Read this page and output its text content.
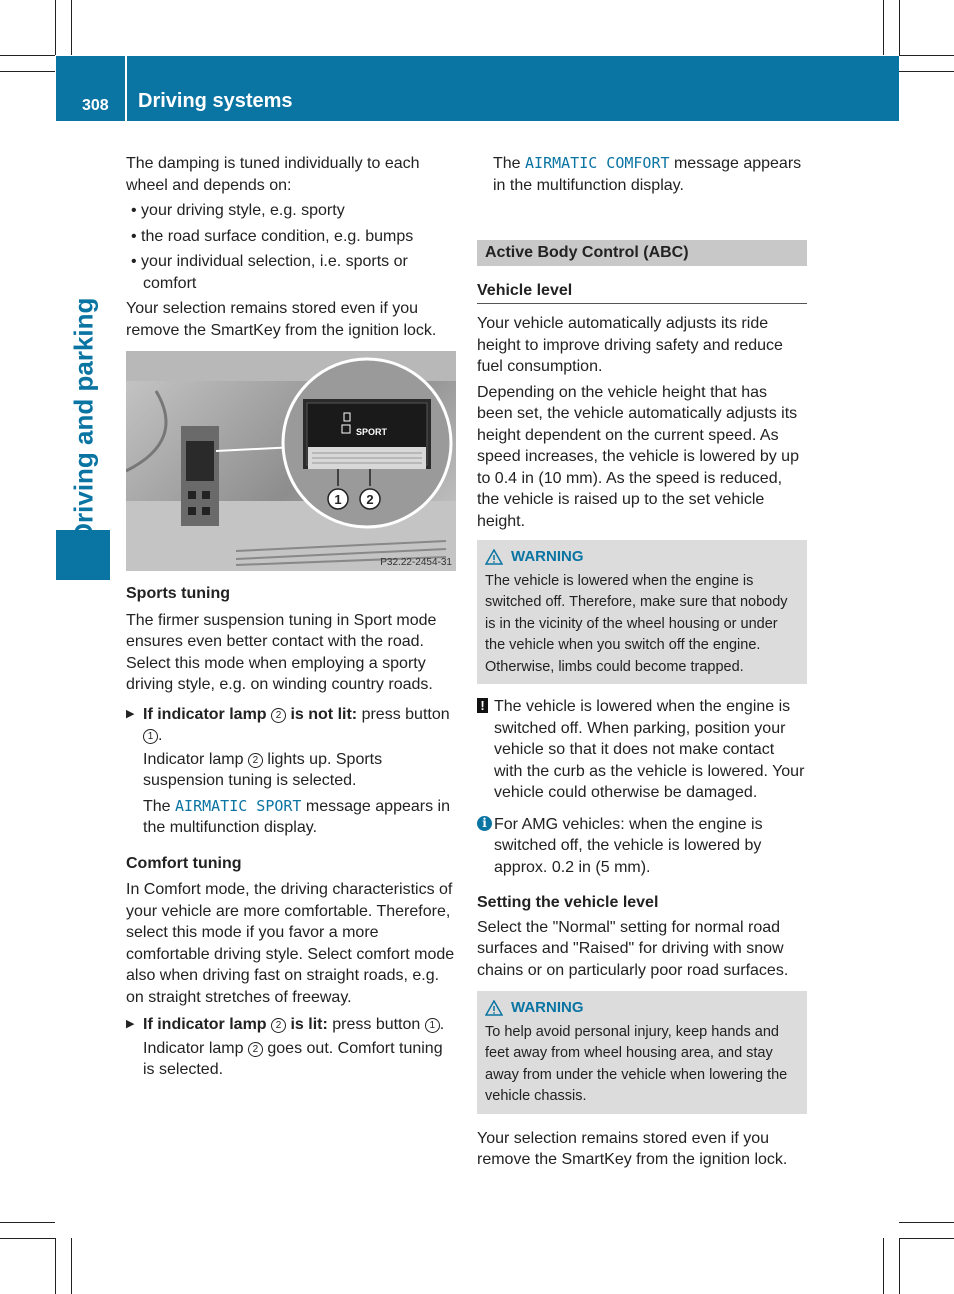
308 Driving systems
Driving and parking

The damping is tuned individually to each wheel and depends on:

• your driving style, e.g. sporty
• the road surface condition, e.g. bumps
• your individual selection, i.e. sports or comfort

Your selection remains stored even if you remove the SmartKey from the ignition lock.

SPORT
1 2
P32.22-2454-31
Sports tuning

The firmer suspension tuning in Sport mode ensures even better contact with the road. Select this mode when employing a sporty driving style, e.g. on winding country roads.

▶ If indicator lamp 2 is not lit: press button 1 .
Indicator lamp 2 lights up. Sports suspension tuning is selected.
The AIRMATIC SPORT message appears in the multifunction display.
Comfort tuning

In Comfort mode, the driving characteristics of your vehicle are more comfortable. Therefore, select this mode if you favor a more comfortable driving style. Select comfort mode also when driving fast on straight roads, e.g. on straight stretches of freeway.

▶ If indicator lamp 2 is lit: press button 1 .
Indicator lamp 2 goes out. Comfort tuning is selected.
The AIRMATIC COMFORT message appears in the multifunction display.
Active Body Control (ABC)
Vehicle level

Your vehicle automatically adjusts its ride height to improve driving safety and reduce fuel consumption.

Depending on the vehicle height that has been set, the vehicle automatically adjusts its height dependent on the current speed. As speed increases, the vehicle is lowered by up to 0.4 in (10 mm). As the speed is reduced, the vehicle is raised up to the set vehicle height.

WARNING
The vehicle is lowered when the engine is switched off. Therefore, make sure that nobody is in the vicinity of the wheel housing or under the vehicle when you switch off the engine. Otherwise, limbs could become trapped.
! The vehicle is lowered when the engine is switched off. When parking, position your vehicle so that it does not make contact with the curb as the vehicle is lowered. Your vehicle could otherwise be damaged.
i For AMG vehicles: when the engine is switched off, the vehicle is lowered by approx. 0.2 in (5 mm).
Setting the vehicle level

Select the "Normal" setting for normal road surfaces and "Raised" for driving with snow chains or on particularly poor road surfaces.

WARNING
To help avoid personal injury, keep hands and feet away from wheel housing area, and stay away from under the vehicle when lowering the vehicle chassis.

Your selection remains stored even if you remove the SmartKey from the ignition lock.
